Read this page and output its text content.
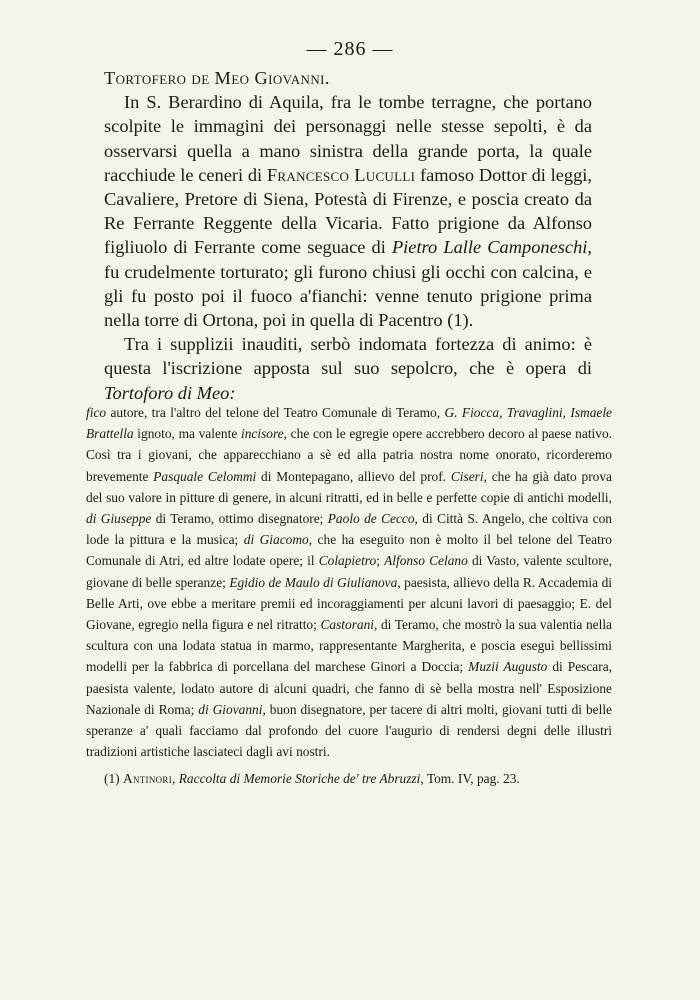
— 286 —

Tortofero de Meo Giovanni.

In S. Berardino di Aquila, fra le tombe terragne, che portano scolpite le immagini dei personaggi nelle stesse sepolti, è da osservarsi quella a mano sinistra della grande porta, la quale racchiude le ceneri di Francesco Luculli famoso Dottor di leggi, Cavaliere, Pretore di Siena, Potestà di Firenze, e poscia creato da Re Ferrante Reggente della Vicaria. Fatto prigione da Alfonso figliuolo di Ferrante come seguace di Pietro Lalle Camponeschi, fu crudelmente torturato; gli furono chiusi gli occhi con calcina, e gli fu posto poi il fuoco a'fianchi: venne tenuto prigione prima nella torre di Ortona, poi in quella di Pacentro (1).

Tra i supplizii inauditi, serbò indomata fortezza di animo: è questa l'iscrizione apposta sul suo sepolcro, che è opera di Tortoforo di Meo:

fico autore, tra l'altro del telone del Teatro Comunale di Teramo, G. Fiocca, Travaglini, Ismaele Brattella ignoto, ma valente incisore, che con le egregie opere accrebbero decoro al paese nativo. Così tra i giovani, che apparecchiano a sè ed alla patria nostra nome onorato, ricorderemo brevemente Pasquale Celommi di Montepagano, allievo del prof. Ciseri, che ha già dato prova del suo valore in pitture di genere, in alcuni ritratti, ed in belle e perfette copie di antichi modelli, di Giuseppe di Teramo, ottimo disegnatore; Paolo de Cecco, di Città S. Angelo, che coltiva con lode la pittura e la musica; di Giacomo, che ha eseguito non è molto il bel telone del Teatro Comunale di Atri, ed altre lodate opere; il Colapietro; Alfonso Celano di Vasto, valente scultore, giovane di belle speranze; Egidio de Maulo di Giulianova, paesista, allievo della R. Accademia di Belle Arti, ove ebbe a meritare premii ed incoraggiamenti per alcuni lavori di paesaggio; E. del Giovane, egregio nella figura e nel ritratto; Castorani, di Teramo, che mostrò la sua valentia nella scultura con una lodata statua in marmo, rappresentante Margherita, e poscia eseguì bellissimi modelli per la fabbrica di porcellana del marchese Ginori a Doccia; Muzii Augusto di Pescara, paesista valente, lodato autore di alcuni quadri, che fanno di sè bella mostra nell' Esposizione Nazionale di Roma; di Giovanni, buon disegnatore, per tacere di altri molti, giovani tutti di belle speranze a' quali facciamo dal profondo del cuore l'augurio di rendersi degni delle illustri tradizioni artistiche lasciateci dagli avi nostri.

(1) Antinori, Raccolta di Memorie Storiche de' tre Abruzzi, Tom. IV, pag. 23.
